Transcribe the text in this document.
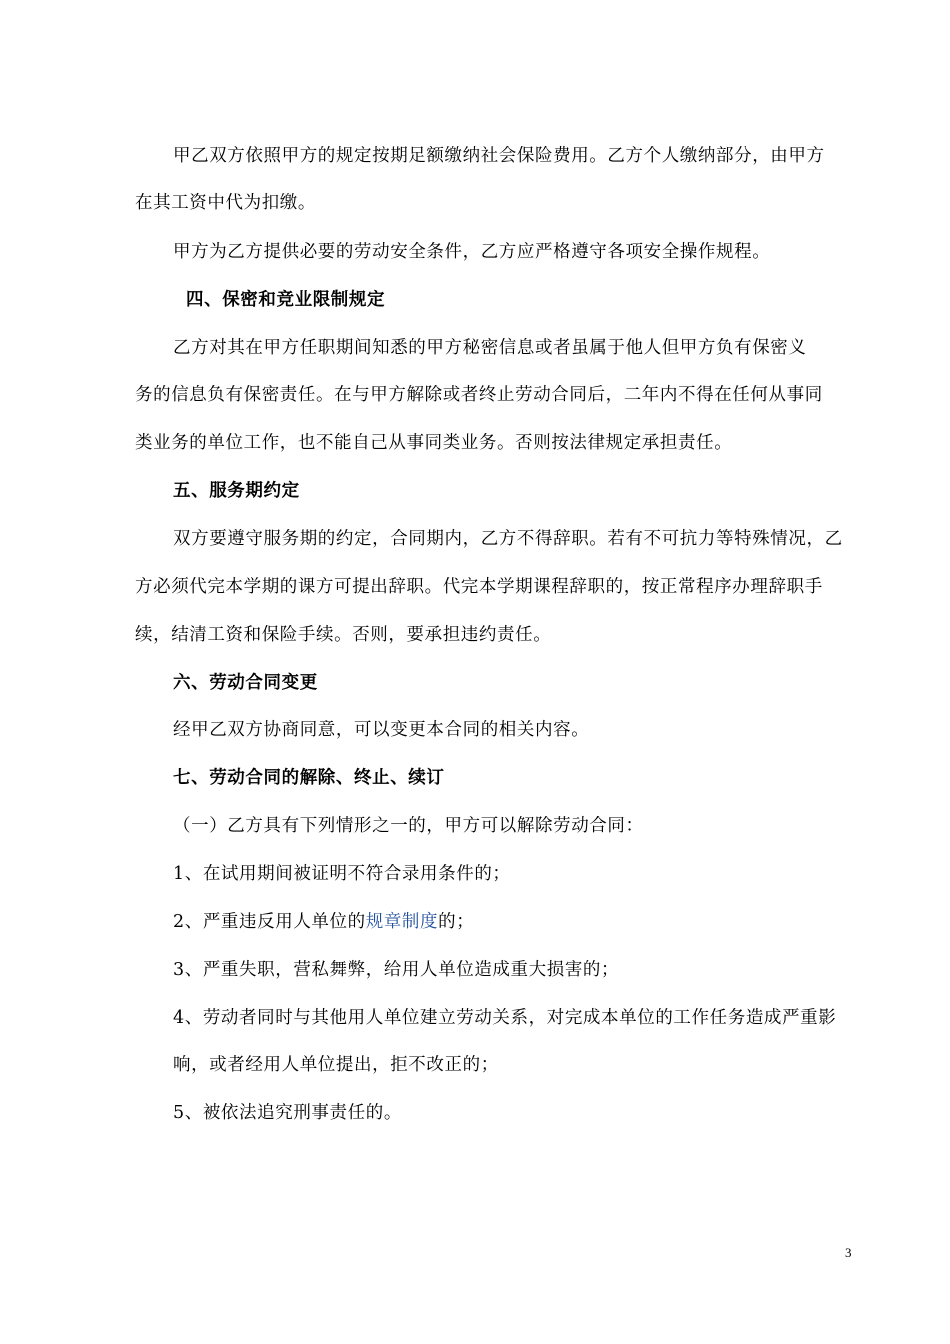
甲乙双方依照甲方的规定按期足额缴纳社会保险费用。乙方个人缴纳部分，由甲方
在其工资中代为扣缴。
甲方为乙方提供必要的劳动安全条件，乙方应严格遵守各项安全操作规程。
四、保密和竞业限制规定
乙方对其在甲方任职期间知悉的甲方秘密信息或者虽属于他人但甲方负有保密义
务的信息负有保密责任。在与甲方解除或者终止劳动合同后，二年内不得在任何从事同
类业务的单位工作，也不能自己从事同类业务。否则按法律规定承担责任。
五、服务期约定
双方要遵守服务期的约定，合同期内，乙方不得辞职。若有不可抗力等特殊情况，乙
方必须代完本学期的课方可提出辞职。代完本学期课程辞职的，按正常程序办理辞职手
续，结清工资和保险手续。否则，要承担违约责任。
六、劳动合同变更
经甲乙双方协商同意，可以变更本合同的相关内容。
七、劳动合同的解除、终止、续订
（一）乙方具有下列情形之一的，甲方可以解除劳动合同：
1、在试用期间被证明不符合录用条件的；
2、严重违反用人单位的规章制度的；
3、严重失职，营私舞弊，给用人单位造成重大损害的；
4、劳动者同时与其他用人单位建立劳动关系，对完成本单位的工作任务造成严重影
响，或者经用人单位提出，拒不改正的；
5、被依法追究刑事责任的。
3
